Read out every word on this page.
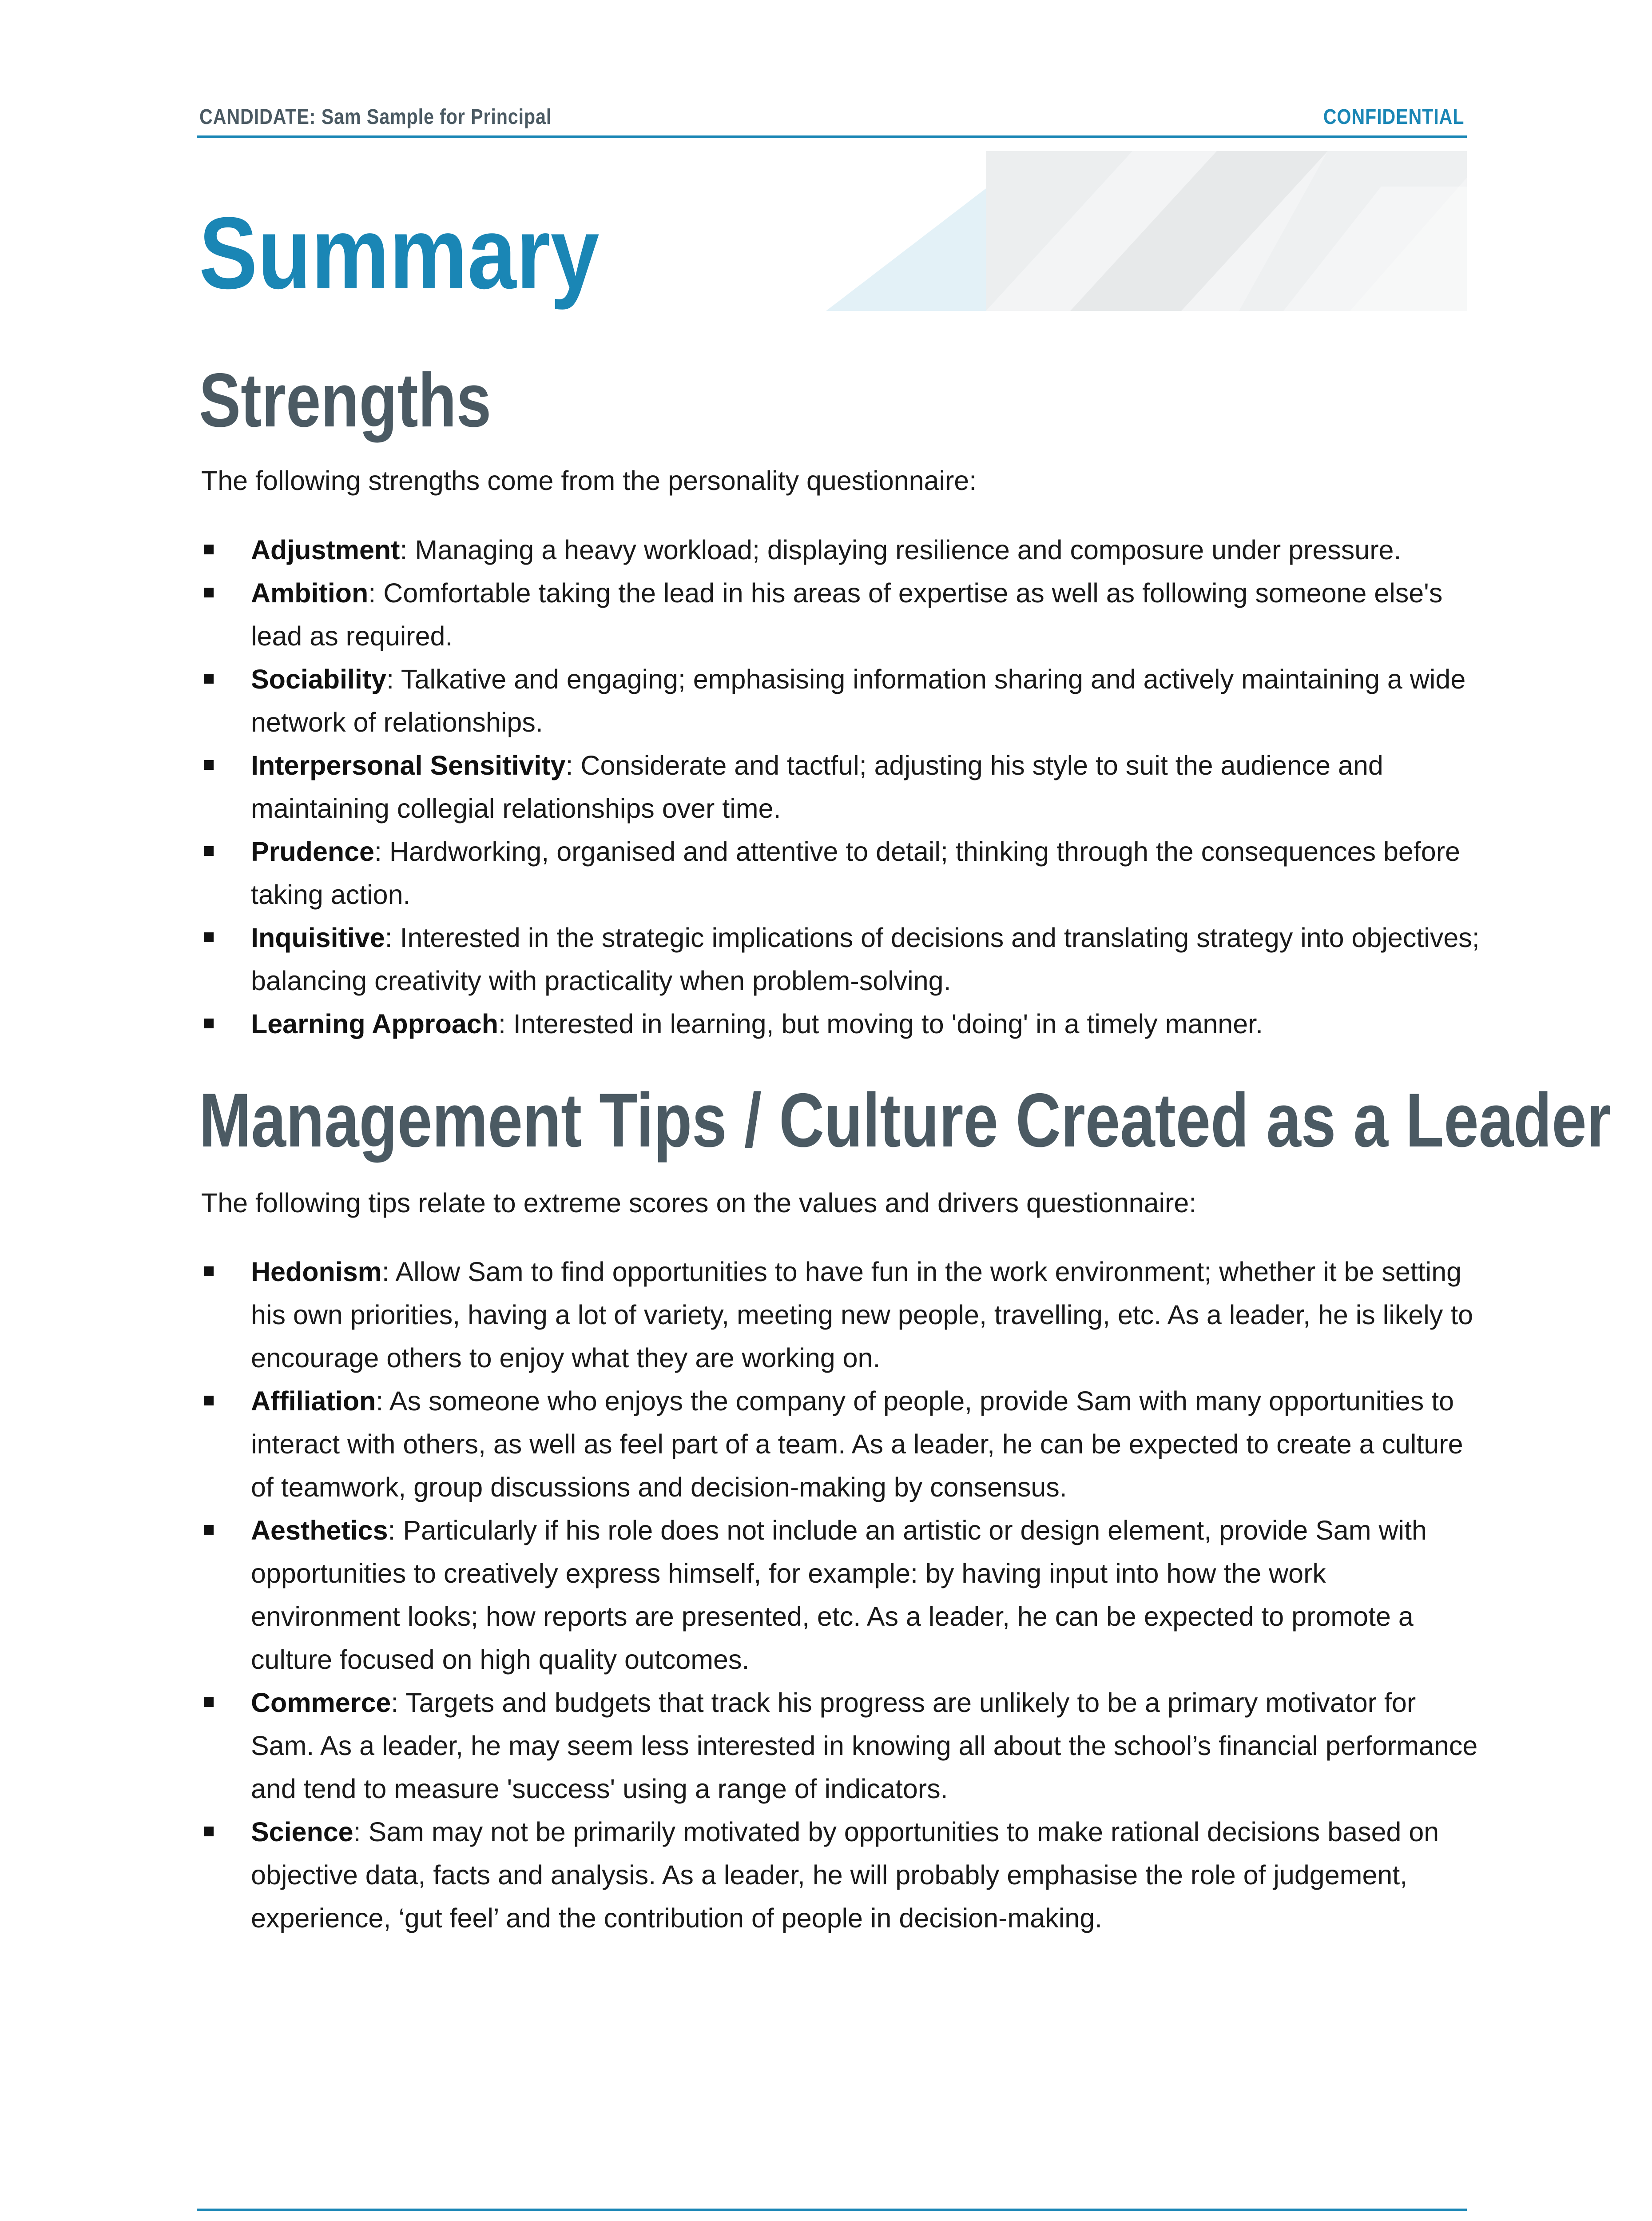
CANDIDATE: Sam Sample for Principal	CONFIDENTIAL
Summary
Strengths

The following strengths come from the personality questionnaire:

Adjustment: Managing a heavy workload; displaying resilience and composure under pressure.
Ambition: Comfortable taking the lead in his areas of expertise as well as following someone else's lead as required.
Sociability: Talkative and engaging; emphasising information sharing and actively maintaining a wide network of relationships.
Interpersonal Sensitivity: Considerate and tactful; adjusting his style to suit the audience and maintaining collegial relationships over time.
Prudence: Hardworking, organised and attentive to detail; thinking through the consequences before taking action.
Inquisitive: Interested in the strategic implications of decisions and translating strategy into objectives; balancing creativity with practicality when problem-solving.
Learning Approach: Interested in learning, but moving to 'doing' in a timely manner.
Management Tips / Culture Created as a Leader

The following tips relate to extreme scores on the values and drivers questionnaire:

Hedonism: Allow Sam to find opportunities to have fun in the work environment; whether it be setting his own priorities, having a lot of variety, meeting new people, travelling, etc. As a leader, he is likely to encourage others to enjoy what they are working on.
Affiliation: As someone who enjoys the company of people, provide Sam with many opportunities to interact with others, as well as feel part of a team. As a leader, he can be expected to create a culture of teamwork, group discussions and decision-making by consensus.
Aesthetics: Particularly if his role does not include an artistic or design element, provide Sam with opportunities to creatively express himself, for example: by having input into how the work environment looks; how reports are presented, etc. As a leader, he can be expected to promote a culture focused on high quality outcomes.
Commerce: Targets and budgets that track his progress are unlikely to be a primary motivator for Sam. As a leader, he may seem less interested in knowing all about the school’s financial performance and tend to measure 'success' using a range of indicators.
Science: Sam may not be primarily motivated by opportunities to make rational decisions based on objective data, facts and analysis. As a leader, he will probably emphasise the role of judgement, experience, ‘gut feel’ and the contribution of people in decision-making.
